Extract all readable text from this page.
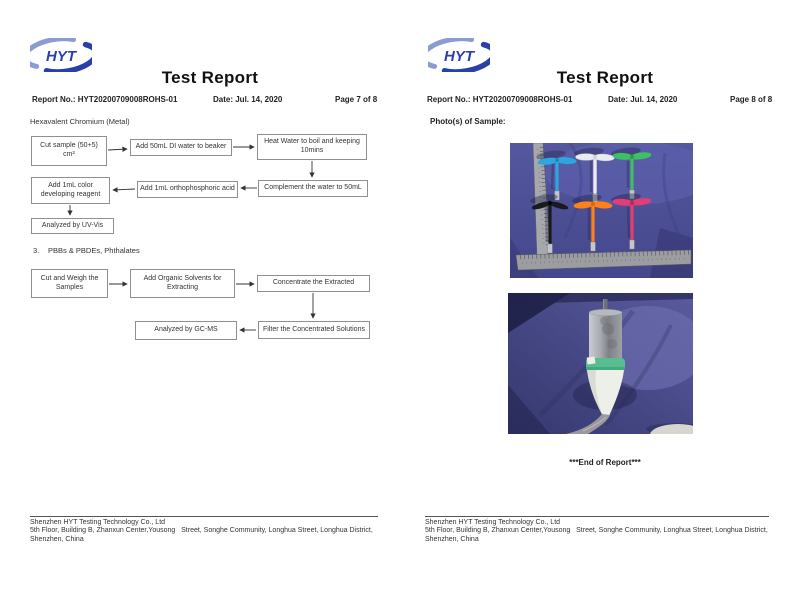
HYT
Test Report
Report No.: HYT20200709008ROHS-01	Date: Jul. 14, 2020	Page 7 of 8
Hexavalent Chromium (Metal)
Cut sample (50+5) cm²
Add 50mL DI water to beaker
Heat Water to boil and keeping 10mins
Add 1mL color developing reagent
Add 1mL orthophosphoric acid	Complement the water to 50mL
Analyzed by UV-Vis
3. PBBs & PBDEs, Phthalates
Cut and Weigh the Samples
Add Organic Solvents for Extracting
Concentrate the Extracted
Analyzed by GC-MS	Filter the Concentrated Solutions
Shenzhen HYT Testing Technology Co., Ltd
5th Floor, Building B, Zhanxun Center,Yousong   Street, Songhe Community, Longhua Street, Longhua District, Shenzhen, China
HYT
Test Report
Report No.: HYT20200709008ROHS-01	Date: Jul. 14, 2020	Page 8 of 8
Photo(s) of Sample:
***End of Report***
Shenzhen HYT Testing Technology Co., Ltd
5th Floor, Building B, Zhanxun Center,Yousong   Street, Songhe Community, Longhua Street, Longhua District, Shenzhen, China
